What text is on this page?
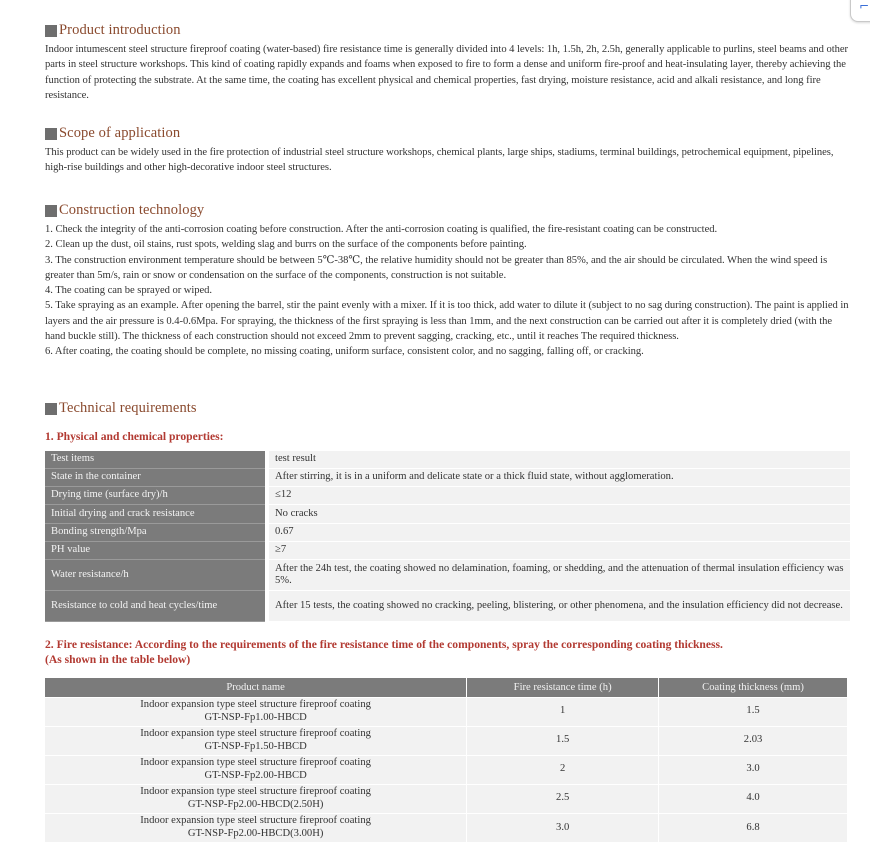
⌐
Product introduction
Indoor intumescent steel structure fireproof coating (water-based) fire resistance time is generally divided into 4 levels: 1h, 1.5h, 2h, 2.5h, generally applicable to purlins, steel beams and other parts in steel structure workshops. This kind of coating rapidly expands and foams when exposed to fire to form a dense and uniform fire-proof and heat-insulating layer, thereby achieving the function of protecting the substrate. At the same time, the coating has excellent physical and chemical properties, fast drying, moisture resistance, acid and alkali resistance, and long fire resistance.
Scope of application
This product can be widely used in the fire protection of industrial steel structure workshops, chemical plants, large ships, stadiums, terminal buildings, petrochemical equipment, pipelines, high-rise buildings and other high-decorative indoor steel structures.
Construction technology
1. Check the integrity of the anti-corrosion coating before construction. After the anti-corrosion coating is qualified, the fire-resistant coating can be constructed.
2. Clean up the dust, oil stains, rust spots, welding slag and burrs on the surface of the components before painting.
3. The construction environment temperature should be between 5℃-38℃, the relative humidity should not be greater than 85%, and the air should be circulated. When the wind speed is greater than 5m/s, rain or snow or condensation on the surface of the components, construction is not suitable.
4. The coating can be sprayed or wiped.
5. Take spraying as an example. After opening the barrel, stir the paint evenly with a mixer. If it is too thick, add water to dilute it (subject to no sag during construction). The paint is applied in layers and the air pressure is 0.4-0.6Mpa. For spraying, the thickness of the first spraying is less than 1mm, and the next construction can be carried out after it is completely dried (with the hand buckle still). The thickness of each construction should not exceed 2mm to prevent sagging, cracking, etc., until it reaches The required thickness.
6. After coating, the coating should be complete, no missing coating, uniform surface, consistent color, and no sagging, falling off, or cracking.
Technical requirements
1. Physical and chemical properties:
Test items	test result
State in the container	After stirring, it is in a uniform and delicate state or a thick fluid state, without agglomeration.
Drying time (surface dry)/h	≤12
Initial drying and crack resistance	No cracks
Bonding strength/Mpa	0.67
PH value	≥7
Water resistance/h	After the 24h test, the coating showed no delamination, foaming, or shedding, and the attenuation of thermal insulation efficiency was 5%.
Resistance to cold and heat cycles/time	After 15 tests, the coating showed no cracking, peeling, blistering, or other phenomena, and the insulation efficiency did not decrease.
2. Fire resistance: According to the requirements of the fire resistance time of the components, spray the corresponding coating thickness.
(As shown in the table below)
Product name	Fire resistance time (h)	Coating thickness (mm)

Indoor expansion type steel structure fireproof coating
GT-NSP-Fp1.00-HBCD	1	1.5

Indoor expansion type steel structure fireproof coating
GT-NSP-Fp1.50-HBCD	1.5	2.03

Indoor expansion type steel structure fireproof coating
GT-NSP-Fp2.00-HBCD	2	3.0

Indoor expansion type steel structure fireproof coating
GT-NSP-Fp2.00-HBCD(2.50H)	2.5	4.0

Indoor expansion type steel structure fireproof coating
GT-NSP-Fp2.00-HBCD(3.00H)	3.0	6.8
